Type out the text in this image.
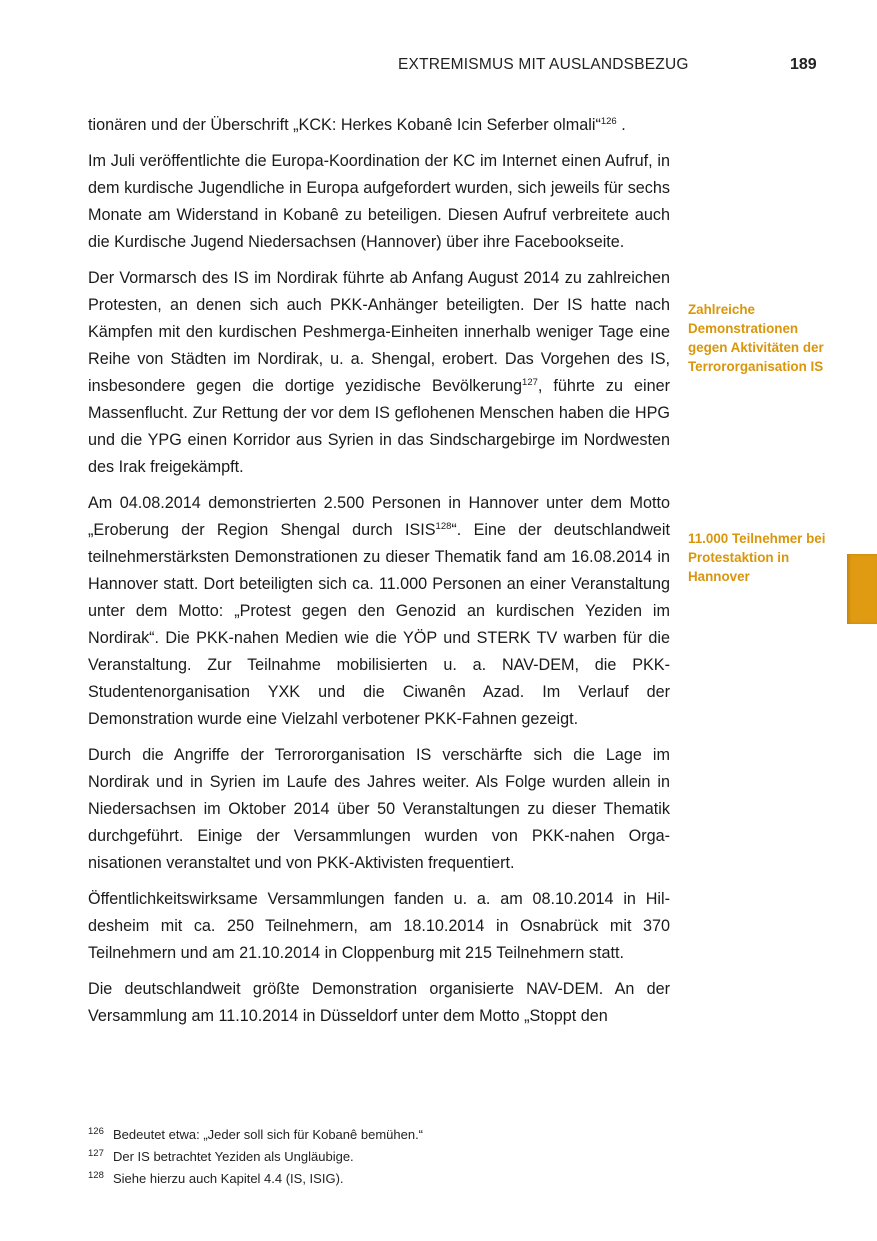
EXTREMISMUS MIT AUSLANDSBEZUG	189

tionären und der Überschrift „KCK: Herkes Kobanê Icin Seferber olmali“$^{126}$ .

Im Juli veröffentlichte die Europa-Koordination der KC im Internet einen Aufruf, in dem kurdische Jugendliche in Europa aufgefordert wurden, sich jeweils für sechs Monate am Widerstand in Kobanê zu beteiligen. Diesen Aufruf verbreitete auch die Kurdische Jugend Niedersachsen (Hannover) über ihre Facebookseite.

Der Vormarsch des IS im Nordirak führte ab Anfang August 2014 zu zahlreichen Protesten, an denen sich auch PKK-Anhänger beteiligten. Der IS hatte nach Kämpfen mit den kurdischen Peshmerga-Einheiten innerhalb weniger Tage eine Reihe von Städten im Nordirak, u. a. Shengal, erobert. Das Vorgehen des IS, insbesondere gegen die dortige yezidische Bevölkerung$^{127}$, führte zu einer Massenflucht. Zur Rettung der vor dem IS geflohenen Menschen haben die HPG und die YPG einen Korridor aus Syrien in das Sindschargebirge im Nordwesten des Irak freigekämpft.

Am 04.08.2014 demonstrierten 2.500 Personen in Hannover unter dem Motto „Eroberung der Region Shengal durch ISIS$^{128}$“. Eine der deutschlandweit teilnehmerstärksten Demonstrationen zu dieser Thematik fand am 16.08.2014 in Hannover statt. Dort beteiligten sich ca. 11.000 Personen an einer Veranstaltung unter dem Motto: „Protest gegen den Genozid an kurdischen Yeziden im Nordirak“. Die PKK-nahen Medien wie die YÖP und STERK TV warben für die Veranstaltung. Zur Teilnahme mobilisierten u. a. NAV-DEM, die PKK-Studentenorganisation YXK und die Ciwanên Azad. Im Verlauf der Demonstration wurde eine Vielzahl verbotener PKK-Fahnen gezeigt.

Durch die Angriffe der Terrororganisation IS verschärfte sich die Lage im Nordirak und in Syrien im Laufe des Jahres weiter. Als Folge wurden allein in Niedersachsen im Oktober 2014 über 50 Veranstaltungen zu dieser Thematik durchgeführt. Einige der Versammlungen wurden von PKK-nahen Organisationen veranstaltet und von PKK-Aktivisten frequentiert.

Öffentlichkeitswirksame Versammlungen fanden u. a. am 08.10.2014 in Hildesheim mit ca. 250 Teilnehmern, am 18.10.2014 in Osnabrück mit 370 Teilnehmern und am 21.10.2014 in Cloppenburg mit 215 Teilnehmern statt.

Die deutschlandweit größte Demonstration organisierte NAV-DEM. An der Versammlung am 11.10.2014 in Düsseldorf unter dem Motto „Stoppt den

Zahlreiche Demonstrationen gegen Aktivitäten der Terrororganisation IS
11.000 Teilnehmer bei Protestaktion in Hannover
126 Bedeutet etwa: „Jeder soll sich für Kobanê bemühen.“
127 Der IS betrachtet Yeziden als Ungläubige.
128 Siehe hierzu auch Kapitel 4.4 (IS, ISIG).
